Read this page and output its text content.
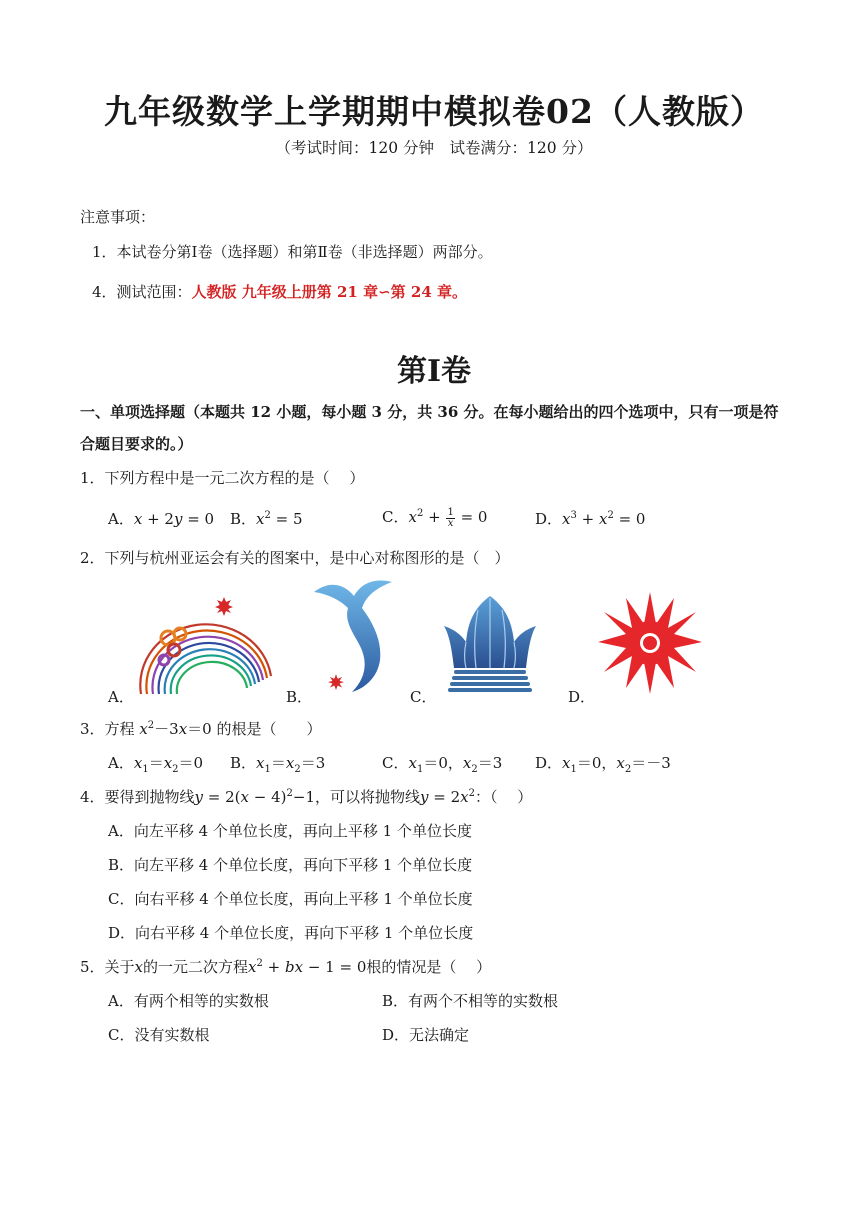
九年级数学上学期期中模拟卷02（人教版）
（考试时间：120 分钟　试卷满分：120 分）
注意事项：
1．本试卷分第Ⅰ卷（选择题）和第Ⅱ卷（非选择题）两部分。
4．测试范围：人教版 九年级上册第 21 章∽第 24 章。
第Ⅰ卷
一、单项选择题（本题共 12 小题，每小题 3 分，共 36 分。在每小题给出的四个选项中，只有一项是符合题目要求的。）
1．下列方程中是一元二次方程的是（　 ）
A．x + 2y = 0 B．$x^2 = 5$	C．$x^2 + \frac{1}{x} = 0$	D．$x^3 + x^2 = 0$
2．下列与杭州亚运会有关的图案中，是中心对称图形的是（　）
A．	B．	C．	D．
3．方程 $x^2-3x=0$ 的根是（　　）
A．$x_1=x_2=0$ B．$x_1=x_2=3$	C．$x_1=0$，$x_2=3$ D．$x_1=0$，$x_2=-3$
4．要得到抛物线$y = 2(x - 4)^2-1$，可以将抛物线$y = 2x^2$：（　 ）
A．向左平移 4 个单位长度，再向上平移 1 个单位长度
B．向左平移 4 个单位长度，再向下平移 1 个单位长度
C．向右平移 4 个单位长度，再向上平移 1 个单位长度
D．向右平移 4 个单位长度，再向下平移 1 个单位长度
5．关于x的一元二次方程$x^2$ + bx − 1 = 0根的情况是（　 ）
A．有两个相等的实数根	B．有两个不相等的实数根
C．没有实数根	D．无法确定
